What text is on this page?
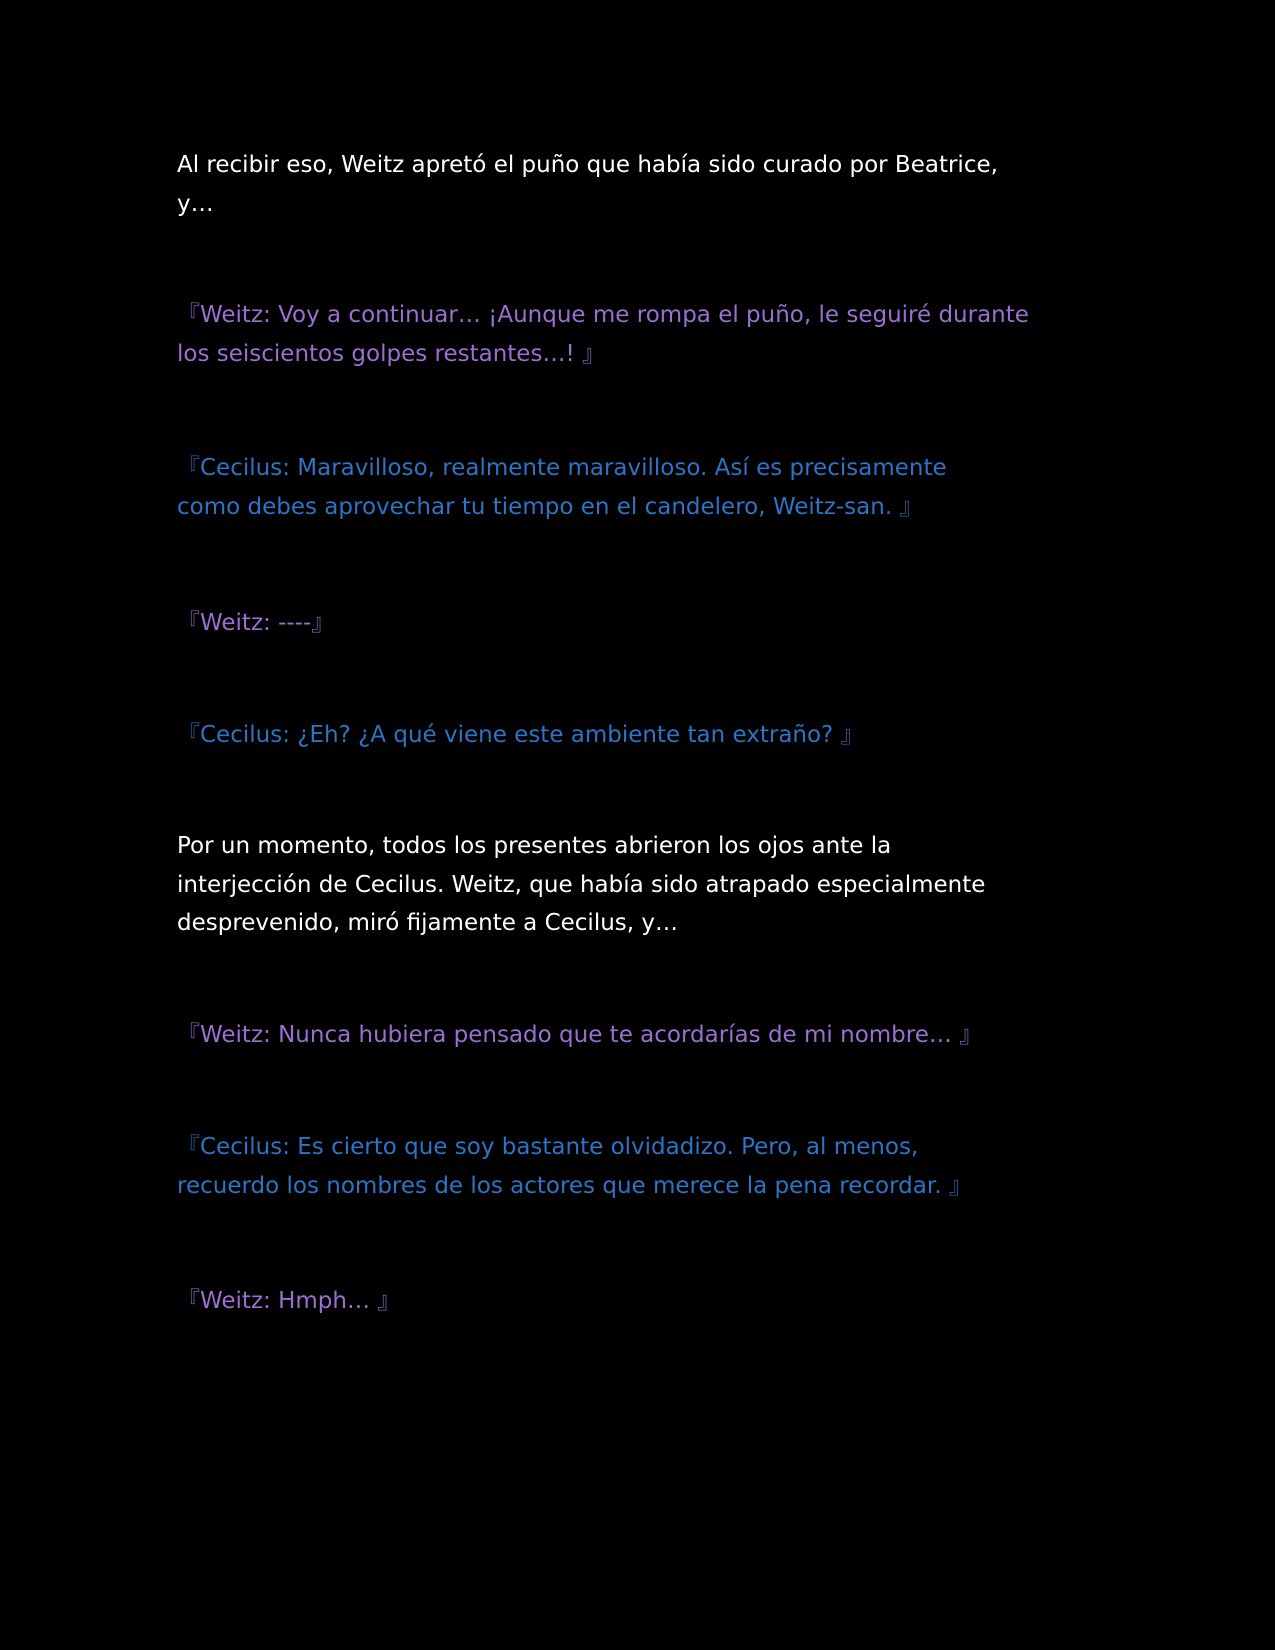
Al recibir eso, Weitz apretó el puño que había sido curado por Beatrice,
y…

『Weitz: Voy a continuar… ¡Aunque me rompa el puño, le seguiré durante
los seiscientos golpes restantes…! 』

『Cecilus: Maravilloso, realmente maravilloso. Así es precisamente
como debes aprovechar tu tiempo en el candelero, Weitz-san. 』

『Weitz: ----』

『Cecilus: ¿Eh? ¿A qué viene este ambiente tan extraño? 』

Por un momento, todos los presentes abrieron los ojos ante la
interjección de Cecilus. Weitz, que había sido atrapado especialmente
desprevenido, miró fijamente a Cecilus, y…

『Weitz: Nunca hubiera pensado que te acordarías de mi nombre… 』

『Cecilus: Es cierto que soy bastante olvidadizo. Pero, al menos,
recuerdo los nombres de los actores que merece la pena recordar. 』

『Weitz: Hmph… 』
